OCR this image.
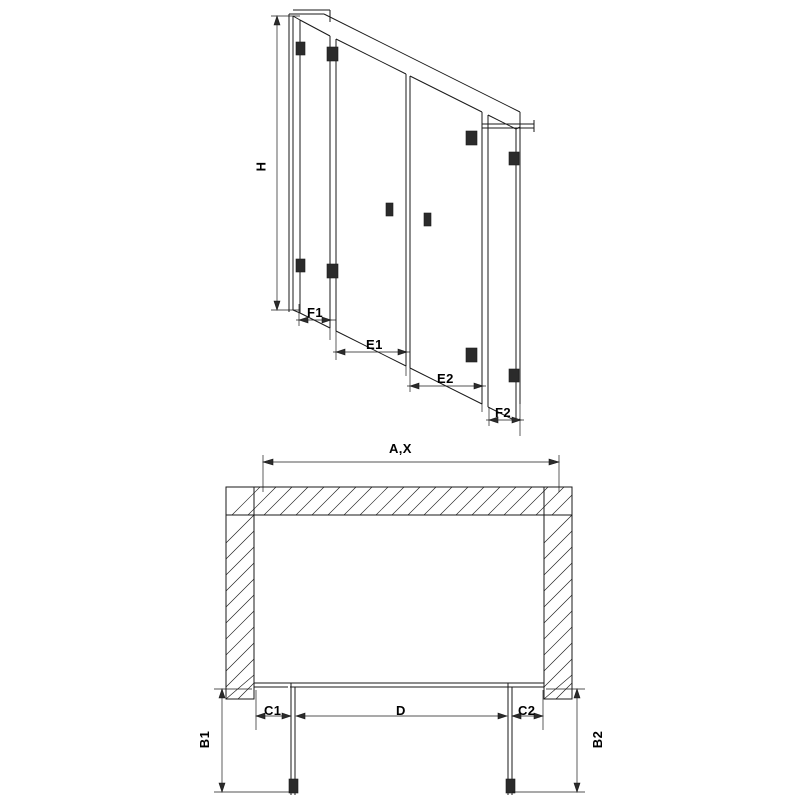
H
F1
E1
E2
F2
A,X
C1	D	C2
B1	B2
